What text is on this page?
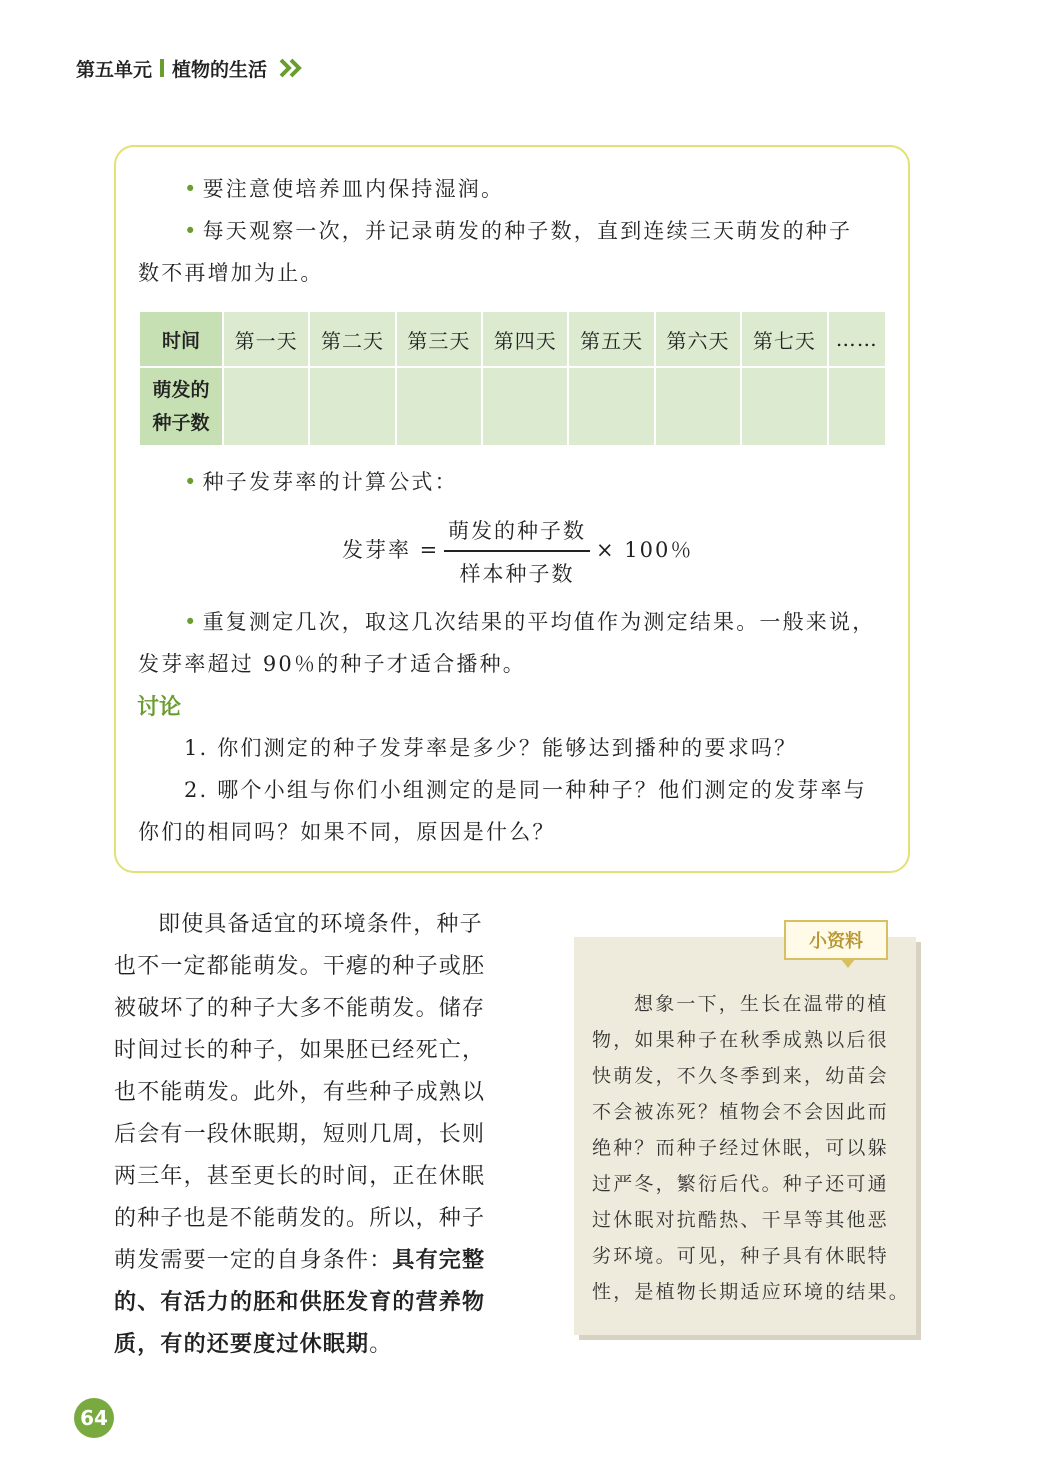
第五单元 植物的生活
• 要注意使培养皿内保持湿润。
• 每天观察一次，并记录萌发的种子数，直到连续三天萌发的种子
数不再增加为止。
时间	第一天	第二天	第三天	第四天	第五天	第六天	第七天	……
萌发的
种子数								
• 种子发芽率的计算公式：
发芽率 =
萌发的种子数
样本种子数
× 100％
• 重复测定几次，取这几次结果的平均值作为测定结果。一般来说，
发芽率超过 90％的种子才适合播种。
讨论
1. 你们测定的种子发芽率是多少？能够达到播种的要求吗？
2. 哪个小组与你们小组测定的是同一种种子？他们测定的发芽率与
你们的相同吗？如果不同，原因是什么？
即使具备适宜的环境条件，种子
也不一定都能萌发。干瘪的种子或胚
被破坏了的种子大多不能萌发。储存
时间过长的种子，如果胚已经死亡，
也不能萌发。此外，有些种子成熟以
后会有一段休眠期，短则几周，长则
两三年，甚至更长的时间，正在休眠
的种子也是不能萌发的。所以，种子
萌发需要一定的自身条件：具有完整
的、有活力的胚和供胚发育的营养物
质，有的还要度过休眠期。
小资料
想象一下，生长在温带的植
物，如果种子在秋季成熟以后很
快萌发，不久冬季到来，幼苗会
不会被冻死？植物会不会因此而
绝种？而种子经过休眠，可以躲
过严冬，繁衍后代。种子还可通
过休眠对抗酷热、干旱等其他恶
劣环境。可见，种子具有休眠特
性，是植物长期适应环境的结果。
64
